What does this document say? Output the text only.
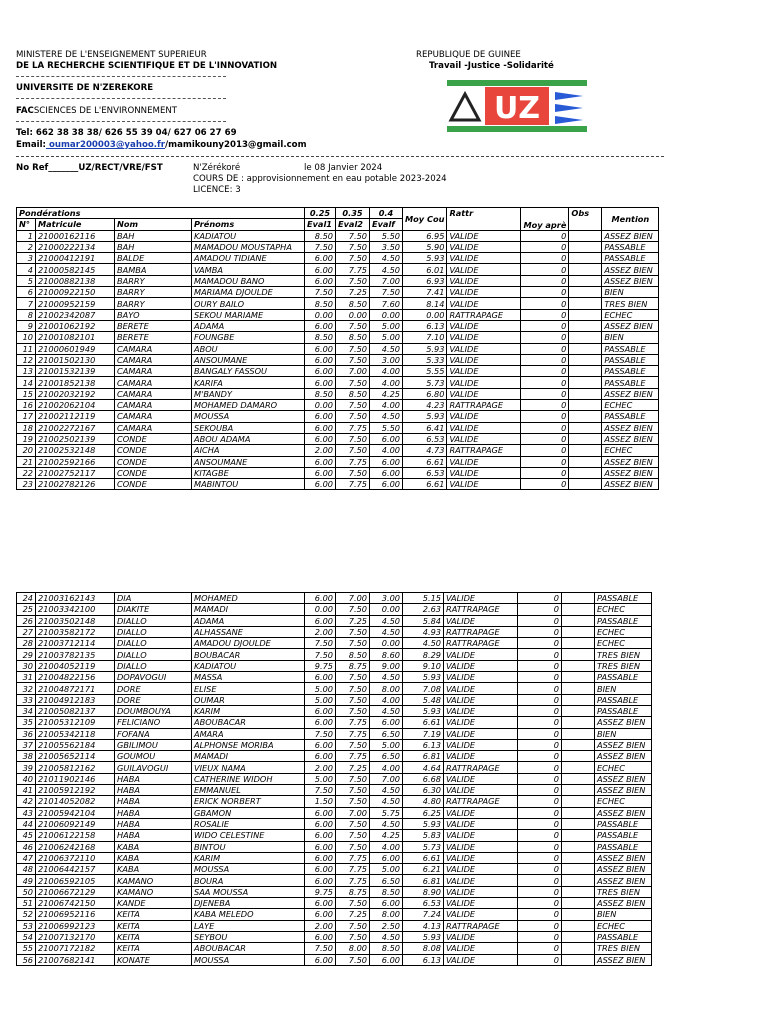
MINISTERE DE L'ENSEIGNEMENT SUPERIEUR
DE LA RECHERCHE SCIENTIFIQUE ET DE L'INNOVATION
REPUBLIQUE DE GUINEE
Travail -Justice -Solidarité
UNIVERSITE DE N'ZEREKORE
FACSCIENCES DE L'ENVIRONNEMENT
Tel: 662 38 38 38/ 626 55 39 04/ 627 06 27 69
Email: oumar200003@yahoo.fr/mamikouny2013@gmail.com
UZ
No Ref_______UZ/RECT/VRE/FST	N'Zérékoré	le 08 Janvier 2024
COURS DE : approvisionnement en eau potable 2023-2024
LICENCE: 3
Pondérations				0.25	0.35	0.4	Moy Cou	Rattr	Moy aprè	Obs	Mention
N°	Matricule	Nom	Prénoms	Eval1	Eval2	Evalf					
1	21000162116	BAH	KADIATOU	8.50	7.50	5.50	6.95	VALIDE	0		ASSEZ BIEN
2	21000222134	BAH	MAMADOU MOUSTAPHA	7.50	7.50	3.50	5.90	VALIDE	0		PASSABLE
3	21000412191	BALDE	AMADOU TIDIANE	6.00	7.50	4.50	5.93	VALIDE	0		PASSABLE
4	21000582145	BAMBA	VAMBA	6.00	7.75	4.50	6.01	VALIDE	0		ASSEZ BIEN
5	21000882138	BARRY	MAMADOU BANO	6.00	7.50	7.00	6.93	VALIDE	0		ASSEZ BIEN
6	21000922150	BARRY	MARIAMA DJOULDE	7.50	7.25	7.50	7.41	VALIDE	0		BIEN
7	21000952159	BARRY	OURY BAILO	8.50	8.50	7.60	8.14	VALIDE	0		TRES BIEN
8	21002342087	BAYO	SEKOU MARIAME	0.00	0.00	0.00	0.00	RATTRAPAGE	0		ECHEC
9	21001062192	BERETE	ADAMA	6.00	7.50	5.00	6.13	VALIDE	0		ASSEZ BIEN
10	21001082101	BERETE	FOUNGBE	8.50	8.50	5.00	7.10	VALIDE	0		BIEN
11	21000601949	CAMARA	ABOU	6.00	7.50	4.50	5.93	VALIDE	0		PASSABLE
12	21001502130	CAMARA	ANSOUMANE	6.00	7.50	3.00	5.33	VALIDE	0		PASSABLE
13	21001532139	CAMARA	BANGALY FASSOU	6.00	7.00	4.00	5.55	VALIDE	0		PASSABLE
14	21001852138	CAMARA	KARIFA	6.00	7.50	4.00	5.73	VALIDE	0		PASSABLE
15	21002032192	CAMARA	M'BANDY	8.50	8.50	4.25	6.80	VALIDE	0		ASSEZ BIEN
16	21002062104	CAMARA	MOHAMED DAMARO	0.00	7.50	4.00	4.23	RATTRAPAGE	0		ECHEC
17	21002112119	CAMARA	MOUSSA	6.00	7.50	4.50	5.93	VALIDE	0		PASSABLE
18	21002272167	CAMARA	SEKOUBA	6.00	7.75	5.50	6.41	VALIDE	0		ASSEZ BIEN
19	21002502139	CONDE	ABOU ADAMA	6.00	7.50	6.00	6.53	VALIDE	0		ASSEZ BIEN
20	21002532148	CONDE	AICHA	2.00	7.50	4.00	4.73	RATTRAPAGE	0		ECHEC
21	21002592166	CONDE	ANSOUMANE	6.00	7.75	6.00	6.61	VALIDE	0		ASSEZ BIEN
22	21002752117	CONDE	KITAGBE	6.00	7.50	6.00	6.53	VALIDE	0		ASSEZ BIEN
23	21002782126	CONDE	MABINTOU	6.00	7.75	6.00	6.61	VALIDE	0		ASSEZ BIEN
24	21003162143	DIA	MOHAMED	6.00	7.00	3.00	5.15	VALIDE	0		PASSABLE
25	21003342100	DIAKITE	MAMADI	0.00	7.50	0.00	2.63	RATTRAPAGE	0		ECHEC
26	21003502148	DIALLO	ADAMA	6.00	7.25	4.50	5.84	VALIDE	0		PASSABLE
27	21003582172	DIALLO	ALHASSANE	2.00	7.50	4.50	4.93	RATTRAPAGE	0		ECHEC
28	21003712114	DIALLO	AMADOU DJOULDE	7.50	7.50	0.00	4.50	RATTRAPAGE	0		ECHEC
29	21003782135	DIALLO	BOUBACAR	7.50	8.50	8.60	8.29	VALIDE	0		TRES BIEN
30	21004052119	DIALLO	KADIATOU	9.75	8.75	9.00	9.10	VALIDE	0		TRES BIEN
31	21004822156	DOPAVOGUI	MASSA	6.00	7.50	4.50	5.93	VALIDE	0		PASSABLE
32	21004872171	DORE	ELISE	5.00	7.50	8.00	7.08	VALIDE	0		BIEN
33	21004912183	DORE	OUMAR	5.00	7.50	4.00	5.48	VALIDE	0		PASSABLE
34	21005082137	DOUMBOUYA	KARIM	6.00	7.50	4.50	5.93	VALIDE	0		PASSABLE
35	21005312109	FELICIANO	ABOUBACAR	6.00	7.75	6.00	6.61	VALIDE	0		ASSEZ BIEN
36	21005342118	FOFANA	AMARA	7.50	7.75	6.50	7.19	VALIDE	0		BIEN
37	21005562184	GBILIMOU	ALPHONSE MORIBA	6.00	7.50	5.00	6.13	VALIDE	0		ASSEZ BIEN
38	21005652114	GOUMOU	MAMADI	6.00	7.75	6.50	6.81	VALIDE	0		ASSEZ BIEN
39	21005812162	GUILAVOGUI	VIEUX NAMA	2.00	7.25	4.00	4.64	RATTRAPAGE	0		ECHEC
40	21011902146	HABA	CATHERINE WIDOH	5.00	7.50	7.00	6.68	VALIDE	0		ASSEZ BIEN
41	21005912192	HABA	EMMANUEL	7.50	7.50	4.50	6.30	VALIDE	0		ASSEZ BIEN
42	21014052082	HABA	ERICK NORBERT	1.50	7.50	4.50	4.80	RATTRAPAGE	0		ECHEC
43	21005942104	HABA	GBAMON	6.00	7.00	5.75	6.25	VALIDE	0		ASSEZ BIEN
44	21006092149	HABA	ROSALIE	6.00	7.50	4.50	5.93	VALIDE	0		PASSABLE
45	21006122158	HABA	WIDO CELESTINE	6.00	7.50	4.25	5.83	VALIDE	0		PASSABLE
46	21006242168	KABA	BINTOU	6.00	7.50	4.00	5.73	VALIDE	0		PASSABLE
47	21006372110	KABA	KARIM	6.00	7.75	6.00	6.61	VALIDE	0		ASSEZ BIEN
48	21006442157	KABA	MOUSSA	6.00	7.75	5.00	6.21	VALIDE	0		ASSEZ BIEN
49	21006592105	KAMANO	BOURA	6.00	7.75	6.50	6.81	VALIDE	0		ASSEZ BIEN
50	21006672129	KAMANO	SAA MOUSSA	9.75	8.75	8.50	8.90	VALIDE	0		TRES BIEN
51	21006742150	KANDE	DJENEBA	6.00	7.50	6.00	6.53	VALIDE	0		ASSEZ BIEN
52	21006952116	KEITA	KABA MELEDO	6.00	7.25	8.00	7.24	VALIDE	0		BIEN
53	21006992123	KEITA	LAYE	2.00	7.50	2.50	4.13	RATTRAPAGE	0		ECHEC
54	21007132170	KEITA	SEYBOU	6.00	7.50	4.50	5.93	VALIDE	0		PASSABLE
55	21007172182	KEITA	ABOUBACAR	7.50	8.00	8.50	8.08	VALIDE	0		TRES BIEN
56	21007682141	KONATE	MOUSSA	6.00	7.50	6.00	6.13	VALIDE	0		ASSEZ BIEN
